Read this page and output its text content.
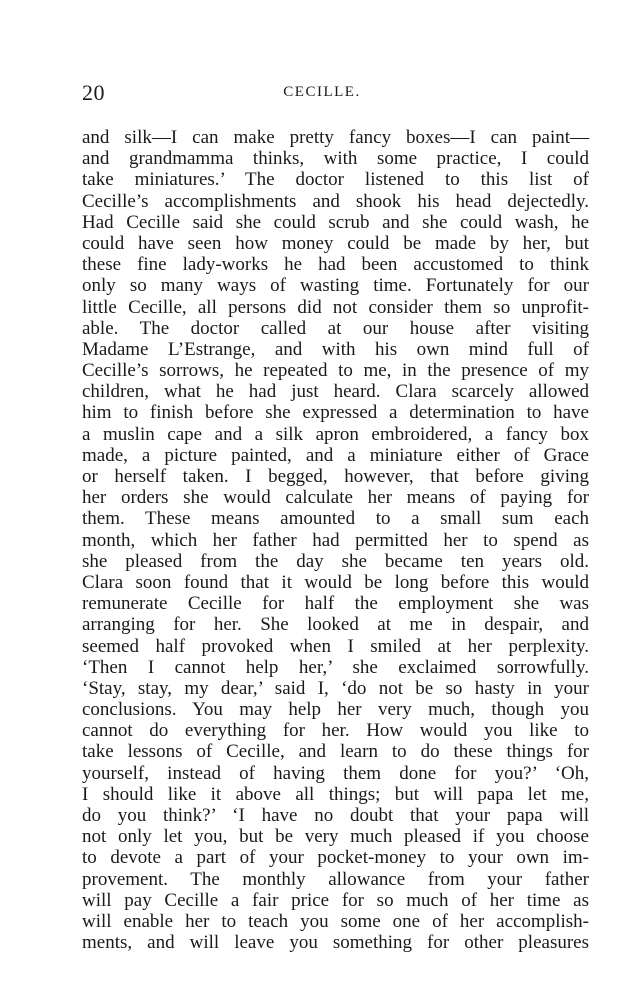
20	CECILLE.
and silk—I can make pretty fancy boxes—I can paint—
and grandmamma thinks, with some practice, I could
take miniatures.’ The doctor listened to this list of
Cecille’s accomplishments and shook his head dejectedly.
Had Cecille said she could scrub and she could wash, he
could have seen how money could be made by her, but
these fine lady-works he had been accustomed to think
only so many ways of wasting time. Fortunately for our
little Cecille, all persons did not consider them so unprofit-
able. The doctor called at our house after visiting
Madame L’Estrange, and with his own mind full of
Cecille’s sorrows, he repeated to me, in the presence of my
children, what he had just heard. Clara scarcely allowed
him to finish before she expressed a determination to have
a muslin cape and a silk apron embroidered, a fancy box
made, a picture painted, and a miniature either of Grace
or herself taken. I begged, however, that before giving
her orders she would calculate her means of paying for
them. These means amounted to a small sum each
month, which her father had permitted her to spend as
she pleased from the day she became ten years old.
Clara soon found that it would be long before this would
remunerate Cecille for half the employment she was
arranging for her. She looked at me in despair, and
seemed half provoked when I smiled at her perplexity.
‘Then I cannot help her,’ she exclaimed sorrowfully.
‘Stay, stay, my dear,’ said I, ‘do not be so hasty in your
conclusions. You may help her very much, though you
cannot do everything for her. How would you like to
take lessons of Cecille, and learn to do these things for
yourself, instead of having them done for you?’ ‘Oh,
I should like it above all things; but will papa let me,
do you think?’ ‘I have no doubt that your papa will
not only let you, but be very much pleased if you choose
to devote a part of your pocket-money to your own im-
provement. The monthly allowance from your father
will pay Cecille a fair price for so much of her time as
will enable her to teach you some one of her accomplish-
ments, and will leave you something for other pleasures
